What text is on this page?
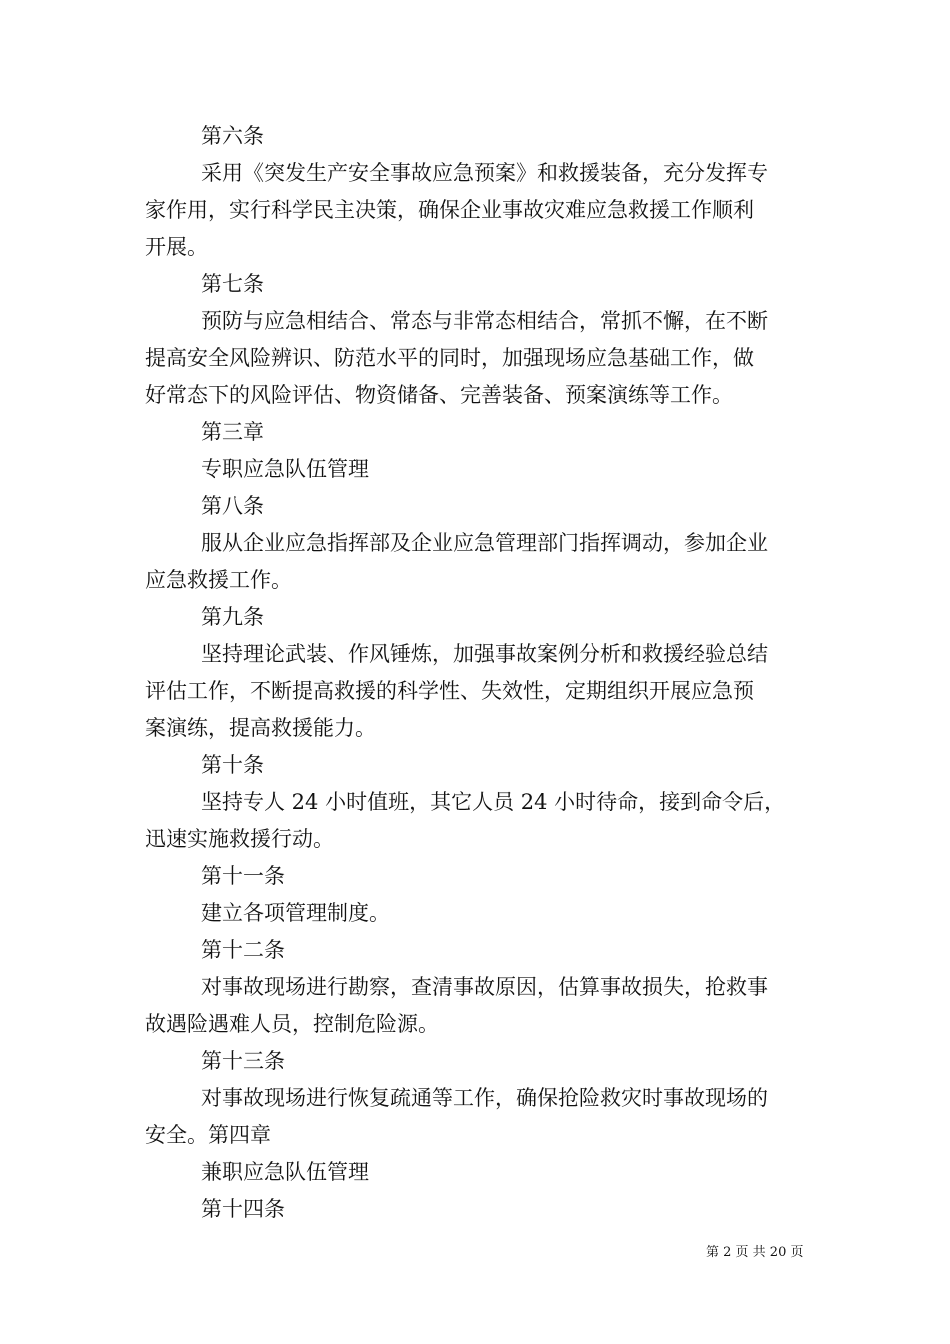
第六条
采用《突发生产安全事故应急预案》和救援装备，充分发挥专
家作用，实行科学民主决策，确保企业事故灾难应急救援工作顺利
开展。
第七条
预防与应急相结合、常态与非常态相结合，常抓不懈，在不断
提高安全风险辨识、防范水平的同时，加强现场应急基础工作，做
好常态下的风险评估、物资储备、完善装备、预案演练等工作。
第三章
专职应急队伍管理
第八条
服从企业应急指挥部及企业应急管理部门指挥调动，参加企业
应急救援工作。
第九条
坚持理论武装、作风锤炼，加强事故案例分析和救援经验总结
评估工作，不断提高救援的科学性、失效性，定期组织开展应急预
案演练，提高救援能力。
第十条
坚持专人 24 小时值班，其它人员 24 小时待命，接到命令后，
迅速实施救援行动。
第十一条
建立各项管理制度。
第十二条
对事故现场进行勘察，查清事故原因，估算事故损失，抢救事
故遇险遇难人员，控制危险源。
第十三条
对事故现场进行恢复疏通等工作，确保抢险救灾时事故现场的
安全。第四章
兼职应急队伍管理
第十四条
第 2 页 共 20 页
